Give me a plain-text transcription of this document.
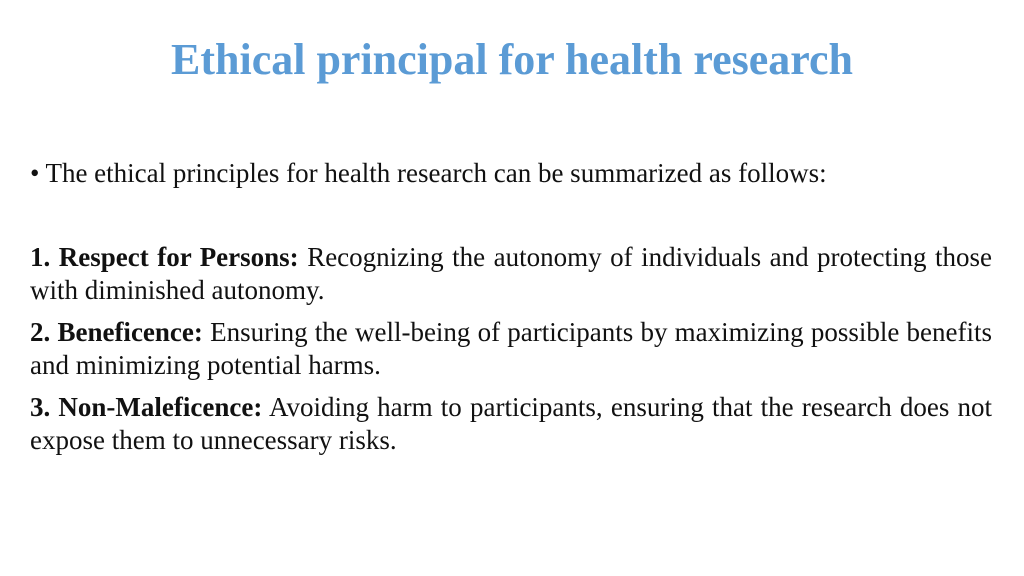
Ethical principal for health research
• The ethical principles for health research can be summarized as follows:
1. Respect for Persons: Recognizing the autonomy of individuals and protecting those with diminished autonomy.
2. Beneficence: Ensuring the well-being of participants by maximizing possible benefits and minimizing potential harms.
3. Non-Maleficence: Avoiding harm to participants, ensuring that the research does not expose them to unnecessary risks.
